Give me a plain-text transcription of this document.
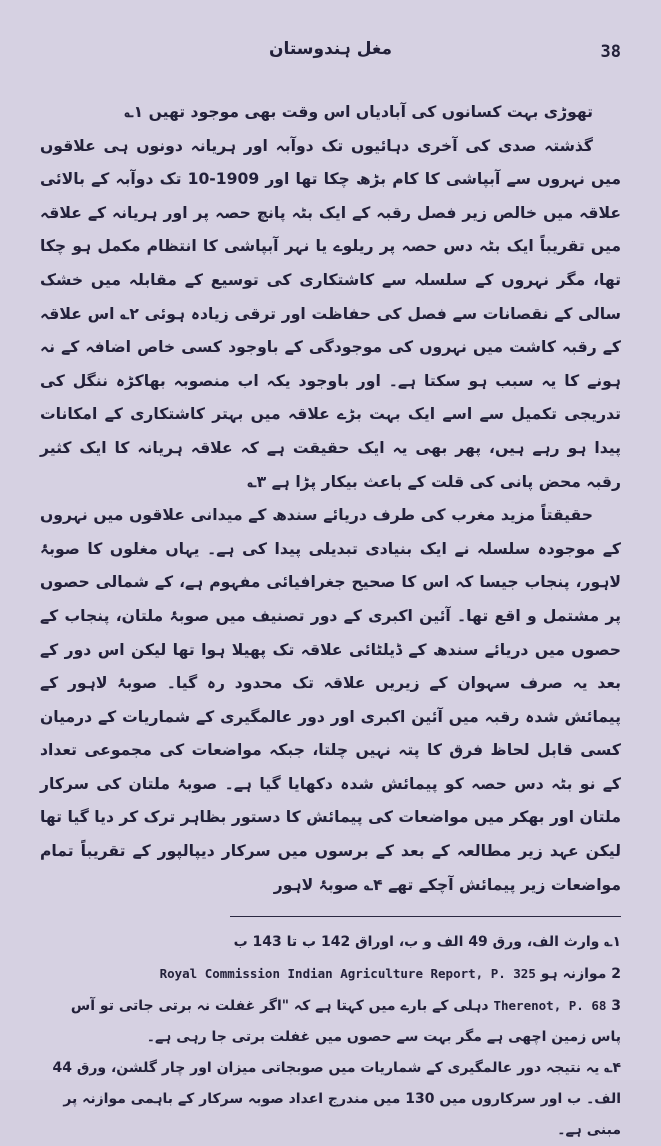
مغل ہندوستان	38

تھوڑی بہت کسانوں کی آبادیاں اس وقت بھی موجود تھیں ۱؎

گذشتہ صدی کی آخری دہائیوں تک دوآبہ اور ہریانہ دونوں ہی علاقوں میں نہروں سے آبپاشی کا کام بڑھ چکا تھا اور 1909-10 تک دوآبہ کے بالائی علاقہ میں خالص زیر فصل رقبہ کے ایک بٹہ پانچ حصہ پر اور ہریانہ کے علاقہ میں تقریباً ایک بٹہ دس حصہ پر ریلوے یا نہر آبپاشی کا انتظام مکمل ہو چکا تھا، مگر نہروں کے سلسلہ سے کاشتکاری کی توسیع کے مقابلہ میں خشک سالی کے نقصانات سے فصل کی حفاظت اور ترقی زیادہ ہوئی ۲؎ اس علاقہ کے رقبہ کاشت میں نہروں کی موجودگی کے باوجود کسی خاص اضافہ کے نہ ہونے کا یہ سبب ہو سکتا ہے۔ اور باوجود یکہ اب منصوبہ بھاکڑہ ننگل کی تدریجی تکمیل سے اسے ایک بہت بڑے علاقہ میں بہتر کاشتکاری کے امکانات پیدا ہو رہے ہیں، پھر بھی یہ ایک حقیقت ہے کہ علاقہ ہریانہ کا ایک کثیر رقبہ محض پانی کی قلت کے باعث بیکار پڑا ہے ۳؎

حقیقتاً مزید مغرب کی طرف دریائے سندھ کے میدانی علاقوں میں نہروں کے موجودہ سلسلہ نے ایک بنیادی تبدیلی پیدا کی ہے۔ یہاں مغلوں کا صوبۂ لاہور، پنجاب جیسا کہ اس کا صحیح جغرافیائی مفہوم ہے، کے شمالی حصوں پر مشتمل و اقع تھا۔ آئین اکبری کے دور تصنیف میں صوبۂ ملتان، پنجاب کے حصوں میں دریائے سندھ کے ڈیلٹائی علاقہ تک پھیلا ہوا تھا لیکن اس دور کے بعد یہ صرف سہوان کے زیریں علاقہ تک محدود رہ گیا۔ صوبۂ لاہور کے پیمائش شدہ رقبہ میں آئین اکبری اور دور عالمگیری کے شماریات کے درمیان کسی قابل لحاظ فرق کا پتہ نہیں چلتا، جبکہ مواضعات کی مجموعی تعداد کے نو بٹہ دس حصہ کو پیمائش شدہ دکھایا گیا ہے۔ صوبۂ ملتان کی سرکار ملتان اور بھکر میں مواضعات کی پیمائش کا دستور بظاہر ترک کر دیا گیا تھا لیکن عہد زیر مطالعہ کے بعد کے برسوں میں سرکار دیپالپور کے تقریباً تمام مواضعات زیر پیمائش آچکے تھے ۴؎ صوبۂ لاہور

۱؎ وارث الف، ورق 49 الف و ب، اوراق 142 ب تا 143 ب

2 موازنہ ہو Royal Commission Indian Agriculture Report, P. 325

3 Therenot, P. 68 دہلی کے بارے میں کہتا ہے کہ "اگر غفلت نہ برتی جاتی تو آس پاس زمین اچھی ہے مگر بہت سے حصوں میں غفلت برتی جا رہی ہے۔

۴؎ یہ نتیجہ دور عالمگیری کے شماریات میں صوبجاتی میزان اور چار گلشن، ورق 44 الف۔ ب اور سرکاروں میں 130 میں مندرج اعداد صوبہ سرکار کے باہمی موازنہ پر مبنی ہے۔
